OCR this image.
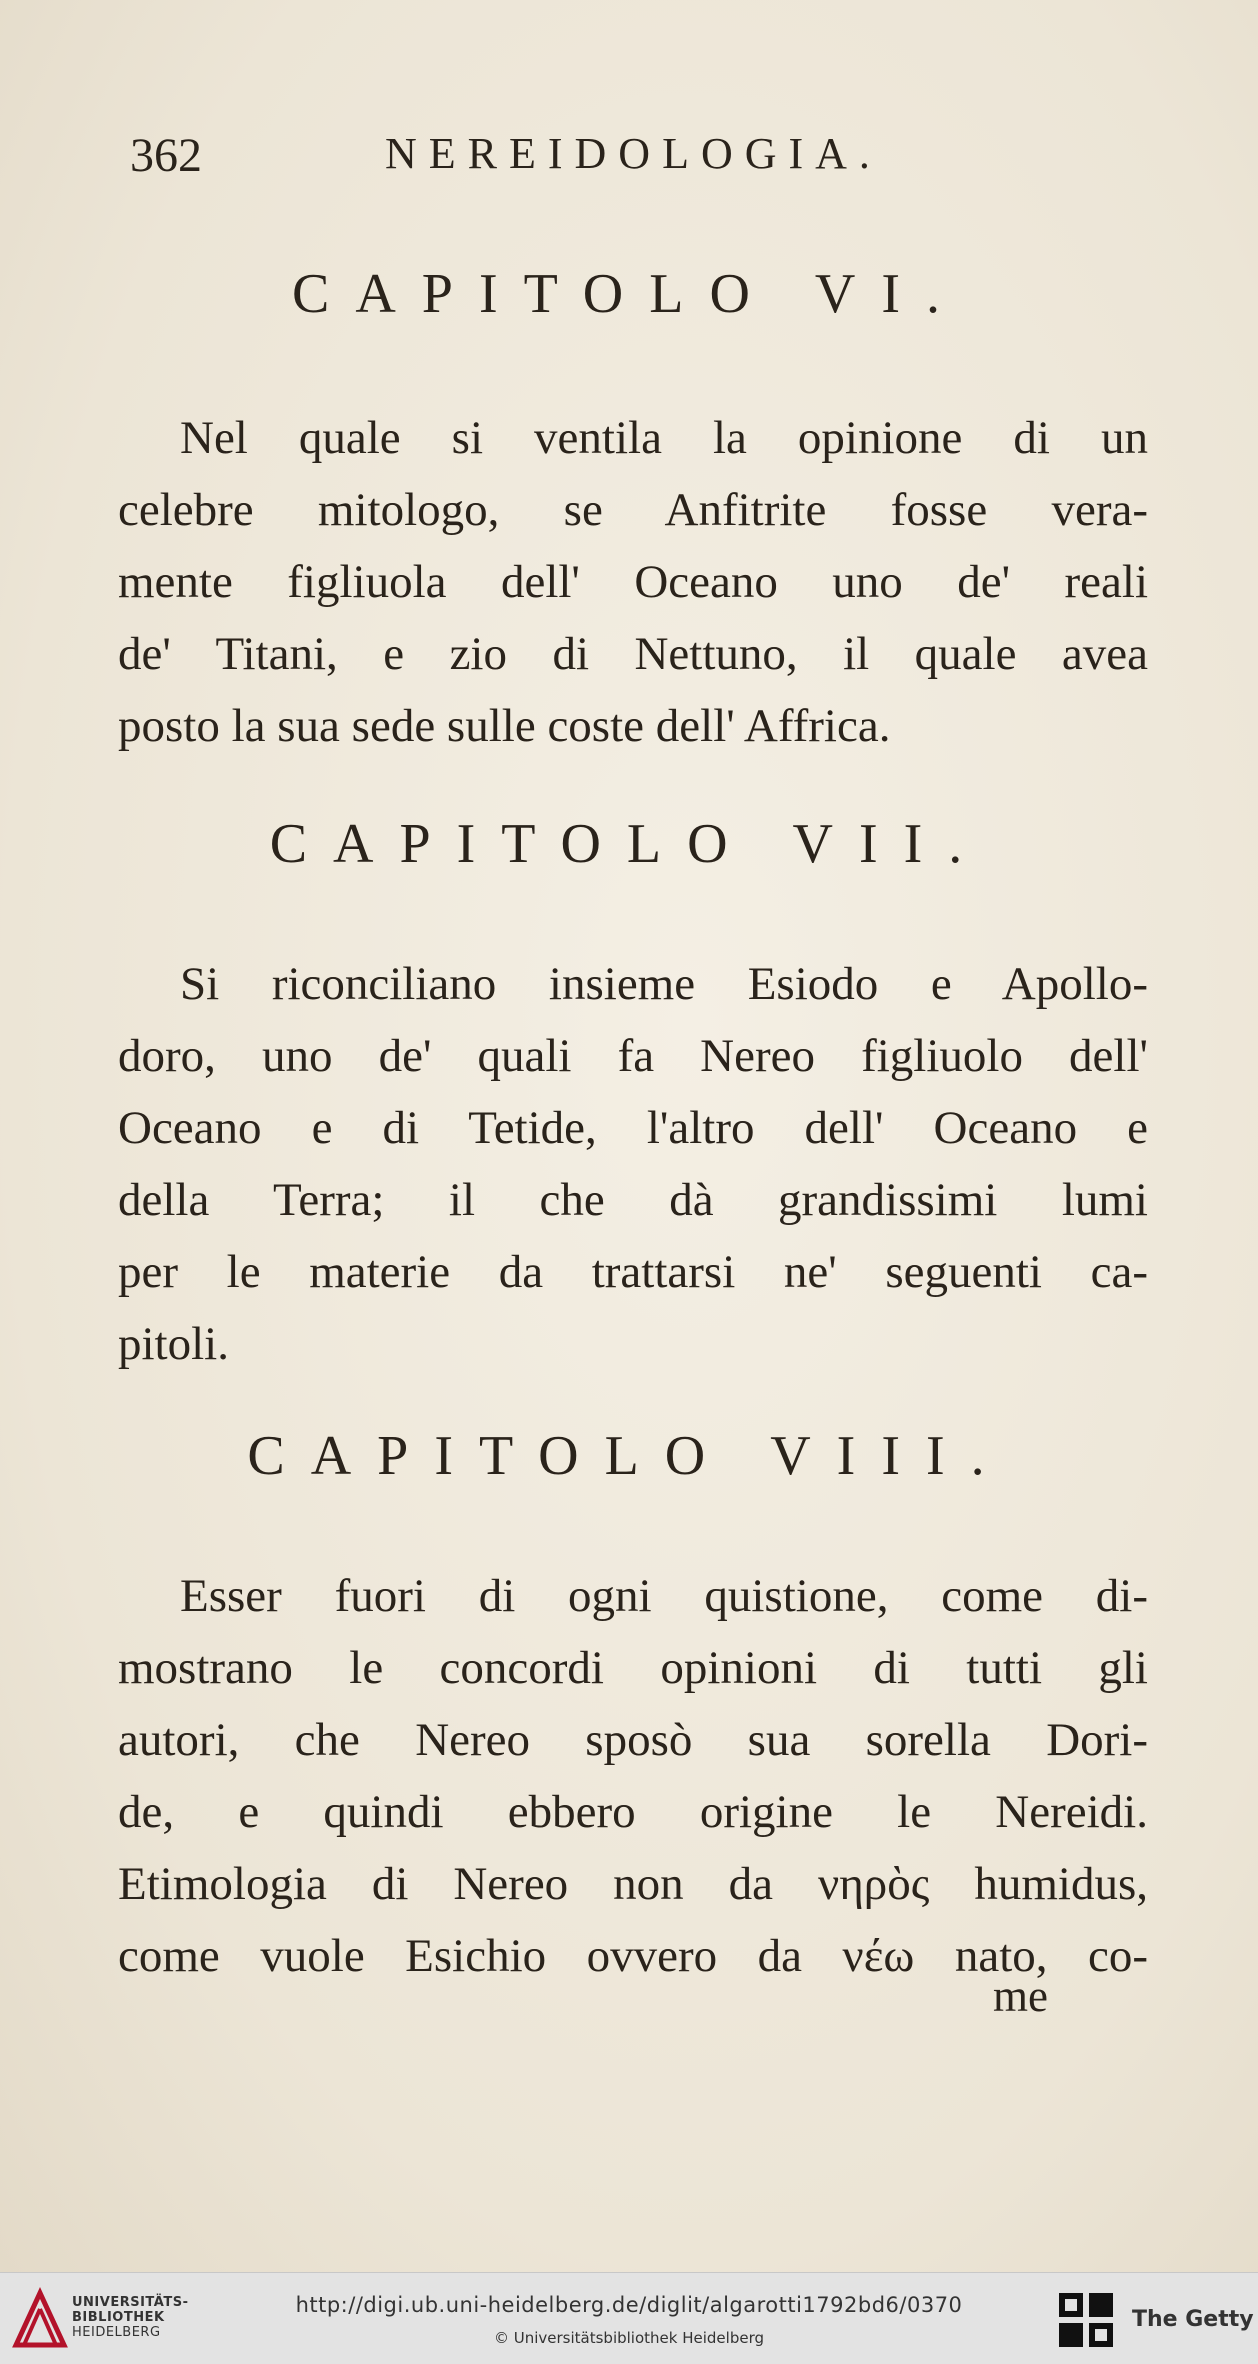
362	NEREIDOLOGIA.
CAPITOLO VI.

Nel quale si ventila la opinione di un

celebre mitologo, se Anfitrite fosse vera-

mente figliuola dell' Oceano uno de' reali

de' Titani, e zio di Nettuno, il quale avea

posto la sua sede sulle coste dell' Affrica.

CAPITOLO VII.

Si riconciliano insieme Esiodo e Apollo-

doro, uno de' quali fa Nereo figliuolo dell'

Oceano e di Tetide, l'altro dell' Oceano e

della Terra; il che dà grandissimi lumi

per le materie da trattarsi ne' seguenti ca-

pitoli.

CAPITOLO VIII.

Esser fuori di ogni quistione, come di-

mostrano le concordi opinioni di tutti gli

autori, che Nereo sposò sua sorella Dori-

de, e quindi ebbero origine le Nereidi.

Etimologia di Nereo non da νηρὸς humidus,

come vuole Esichio ovvero da νέω nato, co-

me
UNIVERSITÄTS-
BIBLIOTHEK
HEIDELBERG
http://digi.ub.uni-heidelberg.de/diglit/algarotti1792bd6/0370
© Universitätsbibliothek Heidelberg
The Getty
